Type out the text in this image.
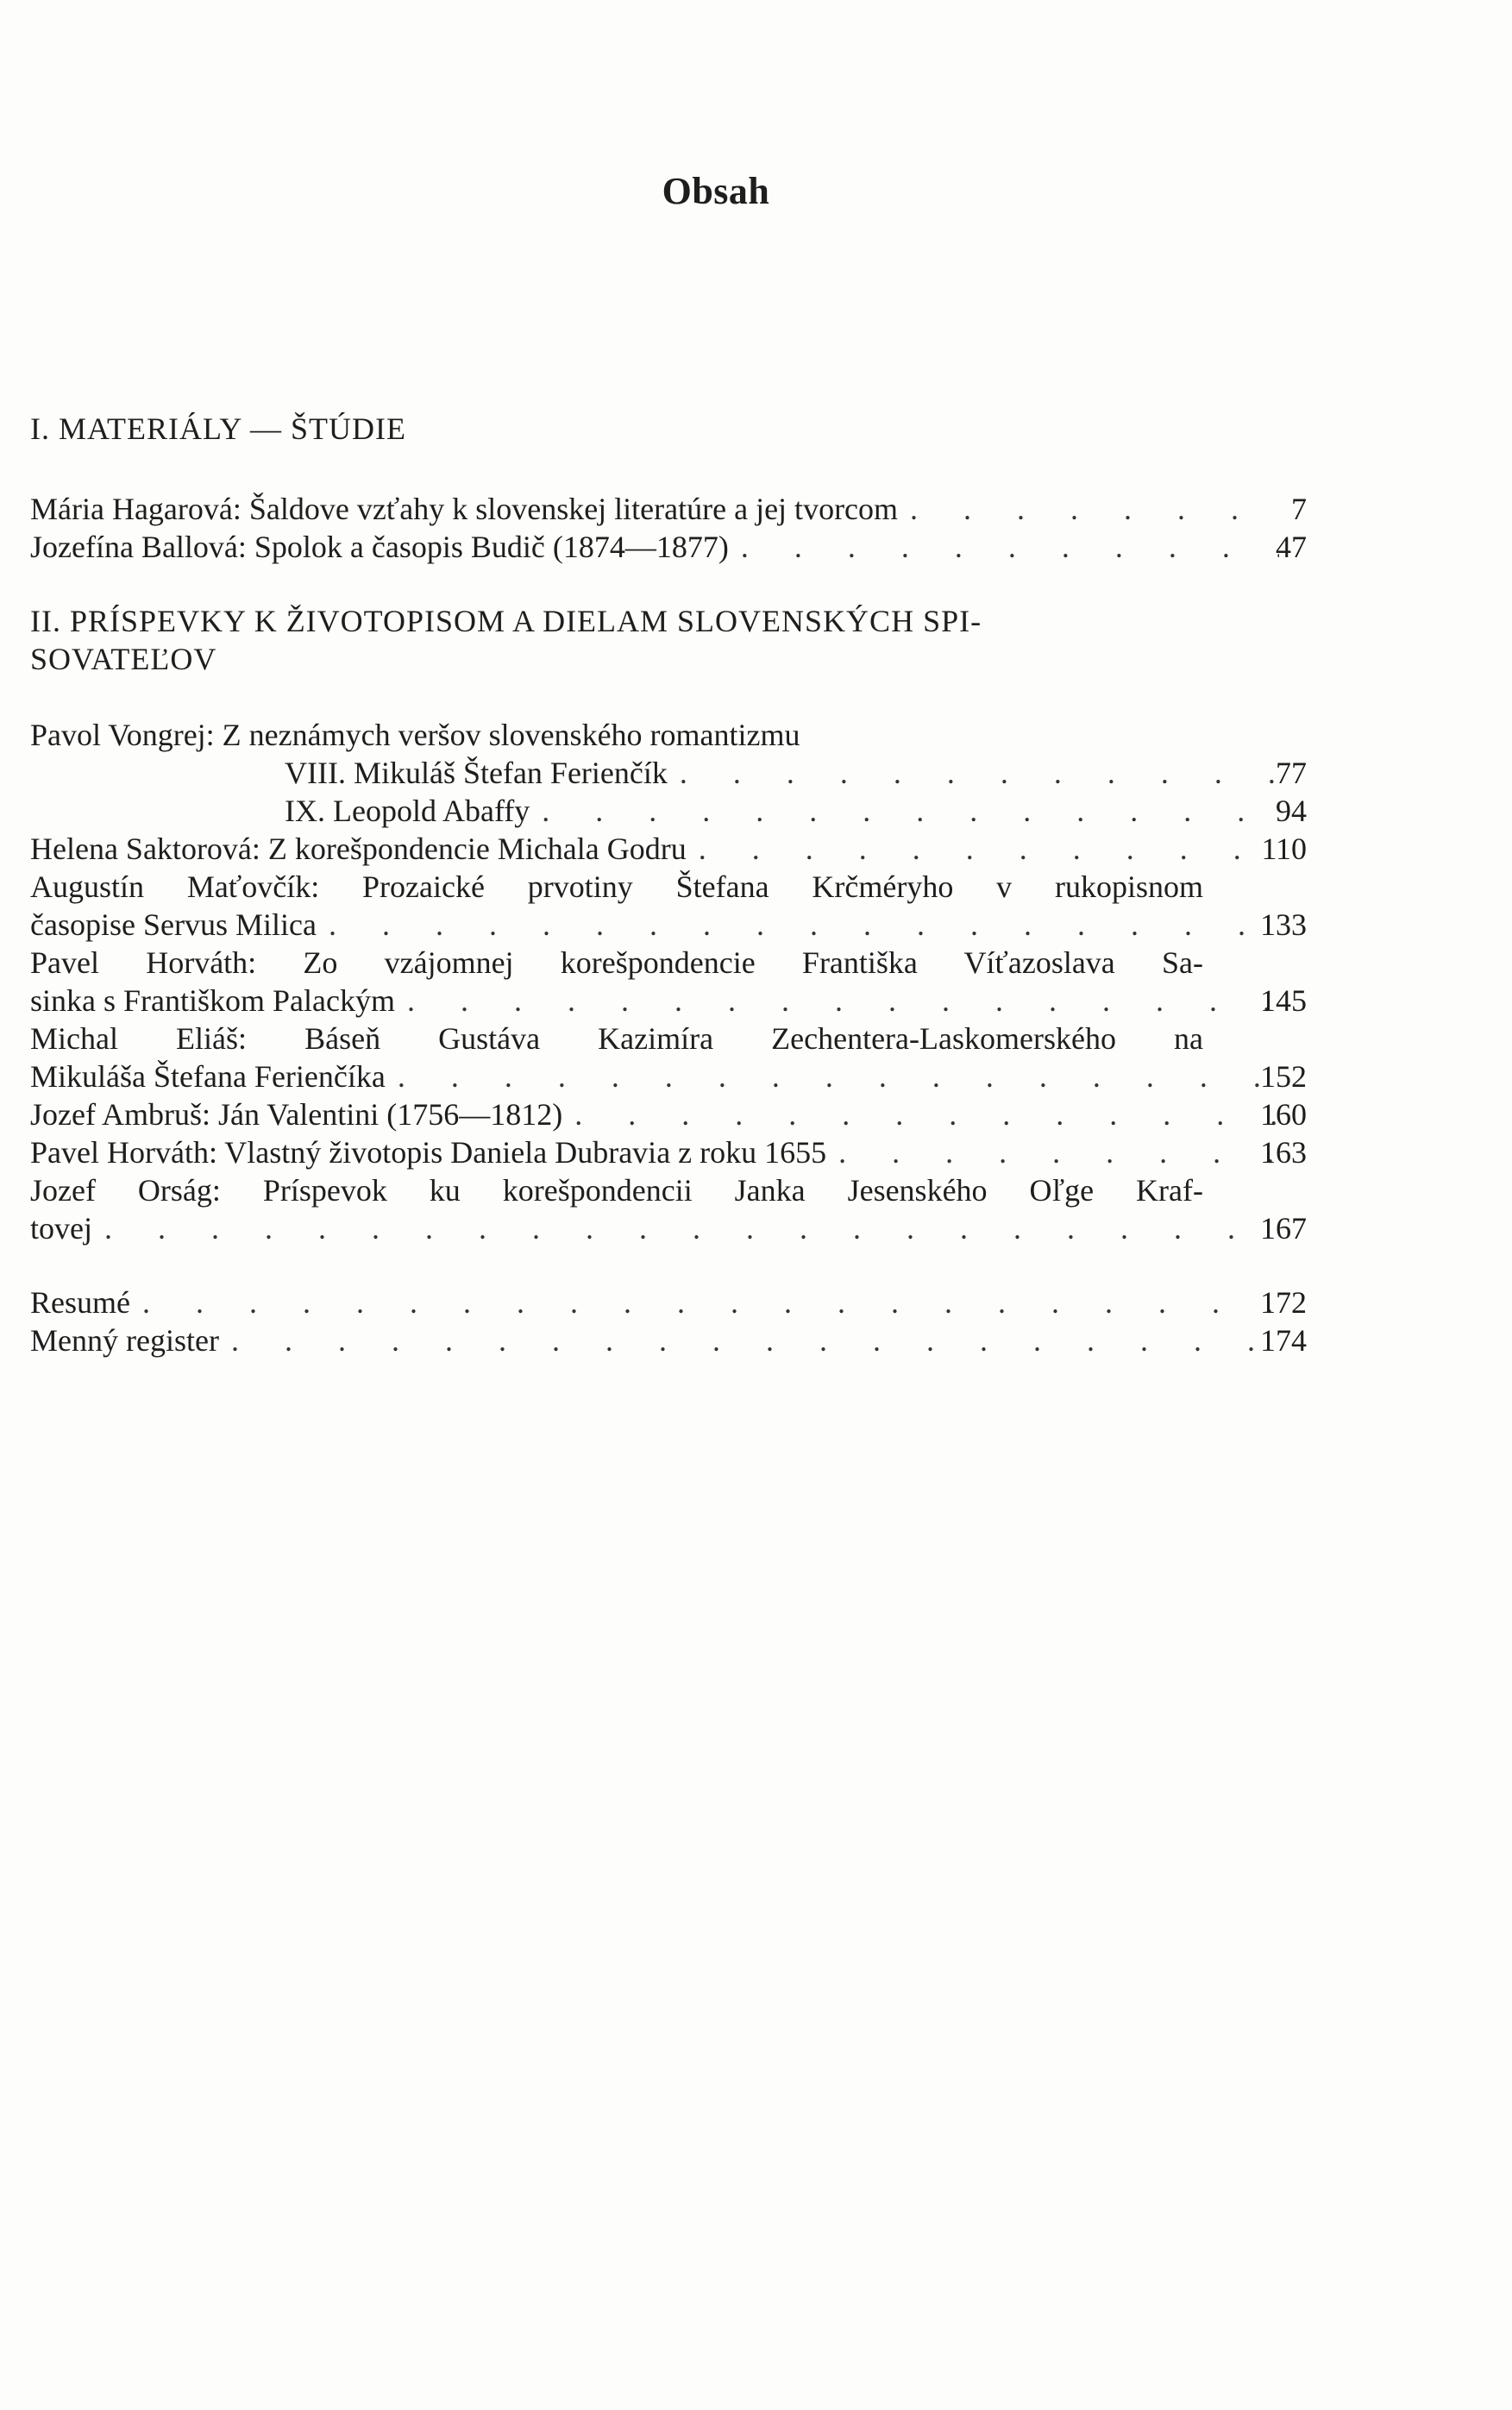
Obsah
I. MATERIÁLY — ŠTÚDIE
Mária Hagarová: Šaldove vzťahy k slovenskej literatúre a jej tvorcom . . .	7
Jozefína Ballová: Spolok a časopis Budič (1874—1877) . . .	47
II. PRÍSPEVKY K ŽIVOTOPISOM A DIELAM SLOVENSKÝCH SPI-
SOVATEĽOV
Pavol Vongrej: Z neznámych veršov slovenského romantizmu
VIII. Mikuláš Štefan Ferienčík . . .	77
IX. Leopold Abaffy . . .	94
Helena Saktorová: Z korešpondencie Michala Godru . . .	110
Augustín Maťovčík: Prozaické prvotiny Štefana Krčméryho v rukopisnom
časopise Servus Milica . . .	133
Pavel Horváth: Zo vzájomnej korešpondencie Františka Víťazoslava Sa-
sinka s Františkom Palackým . . .	145
Michal Eliáš: Báseň Gustáva Kazimíra Zechentera-Laskomerského na
Mikuláša Štefana Ferienčíka . . .	152
Jozef Ambruš: Ján Valentini (1756—1812) . . .	160
Pavel Horváth: Vlastný životopis Daniela Dubravia z roku 1655 . . .	163
Jozef Orság: Príspevok ku korešpondencii Janka Jesenského Oľge Kraf-
tovej . . .	167
Resumé . . .	172
Menný register . . .	174
